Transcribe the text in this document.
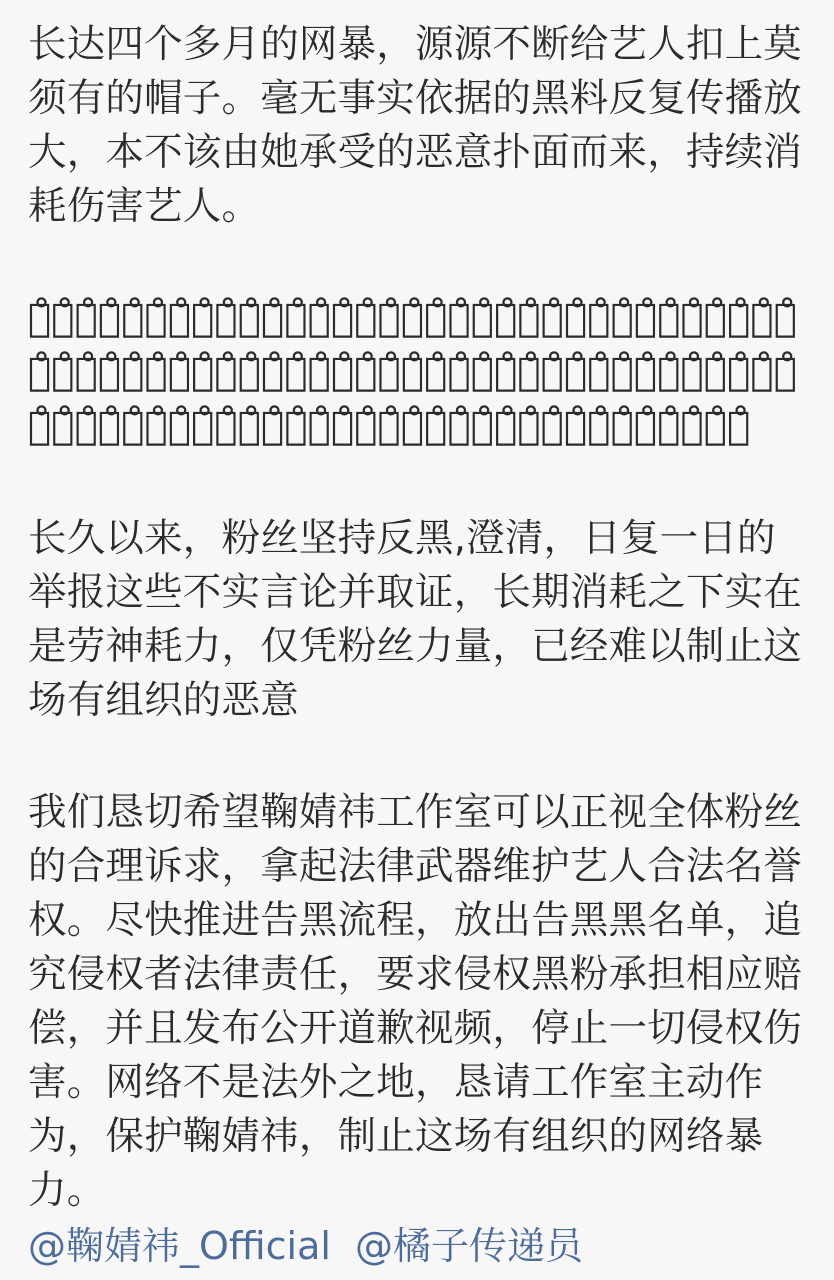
长达四个多月的网暴，源源不断给艺人扣上莫须有的帽子。毫无事实依据的黑料反复传播放大，本不该由她承受的恶意扑面而来，持续消耗伤害艺人。

黑̊子̊建̊了̊规̊模̊高̊达̊五̊百̊多̊人̊的̊黑̊群̊，̊群̊内̊长̊期̊发̊布̊恶̊意̊黑̊图̊，̊制̊造̊黄̊谣̊，̊诅̊咒̊艺̊人̊的̊言̊论̊。̊它̊们̊还̊实̊施̊开̊盒̊行̊为̊，̊在̊公̊开̊的̊评̊论̊区̊泄̊露̊鞠̊婧̊祎̊粉̊丝̊的̊家̊人̊姓̊名̊，̊将̊攻̊击̊范̊围̊扩̊大̊到̊普̊通̊粉̊丝̊和̊她̊们̊家̊属̊，̊已̊经̊触̊碰̊法̊律̊红̊线̊。̊

长久以来，粉丝坚持反黑,澄清，日复一日的举报这些不实言论并取证，长期消耗之下实在是劳神耗力，仅凭粉丝力量，已经难以制止这场有组织的恶意

我们恳切希望鞠婧祎工作室可以正视全体粉丝的合理诉求，拿起法律武器维护艺人合法名誉权。尽快推进告黑流程，放出告黑黑名单，追究侵权者法律责任，要求侵权黑粉承担相应赔偿，并且发布公开道歉视频，停止一切侵权伤害。网络不是法外之地，恳请工作室主动作为，保护鞠婧祎，制止这场有组织的网络暴力。

@鞠婧祎_Official @橘子传递员
